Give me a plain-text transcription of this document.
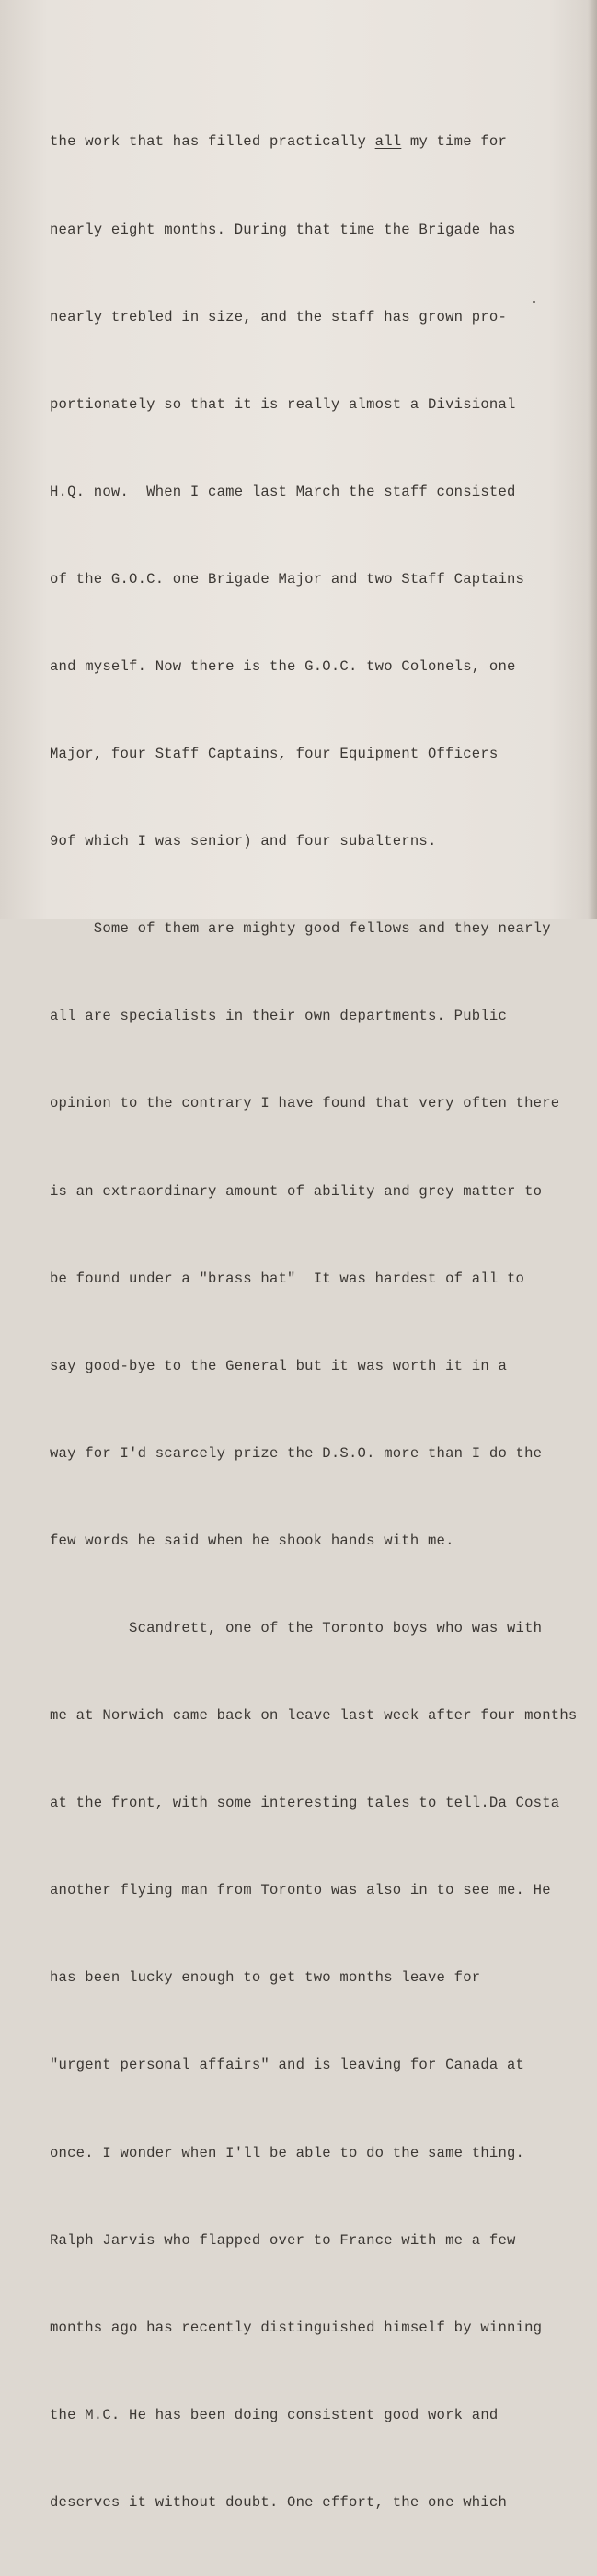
the work that has filled practically all my time for

nearly eight months. During that time the Brigade has

nearly trebled in size, and the staff has grown pro-

portionately so that it is really almost a Divisional

H.Q. now.  When I came last March the staff consisted

of the G.O.C. one Brigade Major and two Staff Captains

and myself. Now there is the G.O.C. two Colonels, one

Major, four Staff Captains, four Equipment Officers

9of which I was senior) and four subalterns.

Some of them are mighty good fellows and they nearly

all are specialists in their own departments. Public

opinion to the contrary I have found that very often there

is an extraordinary amount of ability and grey matter to

be found under a "brass hat"  It was hardest of all to

say good-bye to the General but it was worth it in a

way for I'd scarcely prize the D.S.O. more than I do the

few words he said when he shook hands with me.

Scandrett, one of the Toronto boys who was with

me at Norwich came back on leave last week after four months

at the front, with some interesting tales to tell.Da Costa

another flying man from Toronto was also in to see me. He

has been lucky enough to get two months leave for

"urgent personal affairs" and is leaving for Canada at

once. I wonder when I'll be able to do the same thing.

Ralph Jarvis who flapped over to France with me a few

months ago has recently distinguished himself by winning

the M.C. He has been doing consistent good work and

deserves it without doubt. One effort, the one which
